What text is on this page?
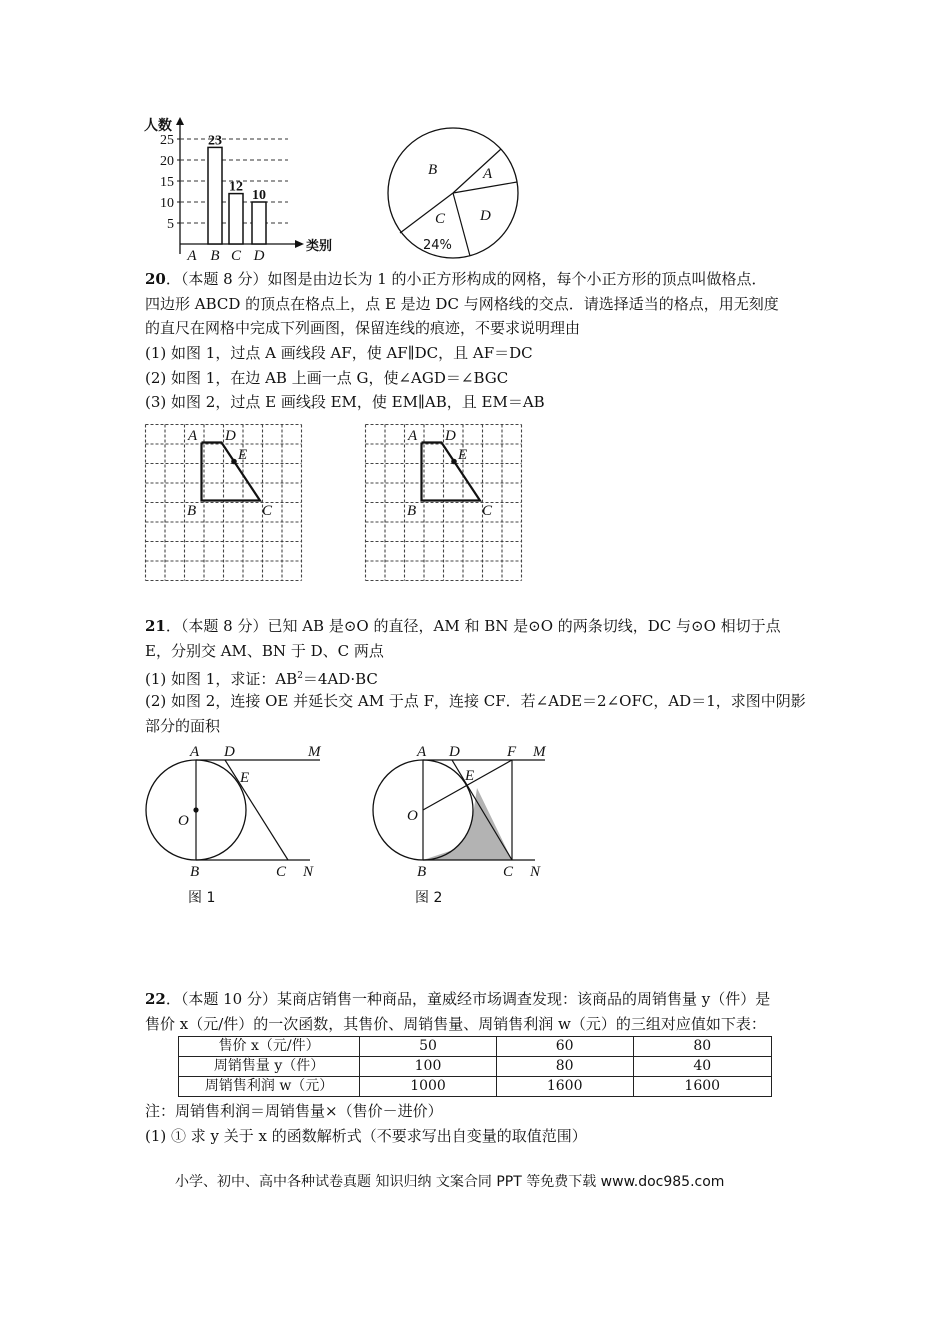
人数
类别
5
10
15
20
25 23
12
10
A B C D
B	A
D
C
24%
20．（本题 8 分）如图是由边长为 1 的小正方形构成的网格，每个小正方形的顶点叫做格点．
四边形 ABCD 的顶点在格点上，点 E 是边 DC 与网格线的交点．请选择适当的格点，用无刻度
的直尺在网格中完成下列画图，保留连线的痕迹，不要求说明理由
(1) 如图 1，过点 A 画线段 AF，使 AF∥DC，且 AF＝DC
(2) 如图 1，在边 AB 上画一点 G，使∠AGD＝∠BGC
(3) 如图 2，过点 E 画线段 EM，使 EM∥AB，且 EM＝AB
A D
E
B	C
A D
E
B	C
21．（本题 8 分）已知 AB 是⊙O 的直径，AM 和 BN 是⊙O 的两条切线，DC 与⊙O 相切于点
E，分别交 AM、BN 于 D、C 两点
(1) 如图 1，求证：$AB^2=4AD\cdot BC$
(2) 如图 2，连接 OE 并延长交 AM 于点 F，连接 CF．若∠ADE＝2∠OFC，AD＝1，求图中阴影
部分的面积
A D	M
E
O
B	C N
图 1
A D	F M
E
O
B	C N
图 2
22．（本题 10 分）某商店销售一种商品，童威经市场调查发现：该商品的周销售量 y（件）是
售价 x（元/件）的一次函数，其售价、周销售量、周销售利润 w（元）的三组对应值如下表：
售价 x（元/件）	50	60	80
周销售量 y（件）	100	80	40
周销售利润 w（元）	1000	1600	1600
注：周销售利润＝周销售量×（售价－进价）
(1) ① 求 y 关于 x 的函数解析式（不要求写出自变量的取值范围）
小学、初中、高中各种试卷真题 知识归纳 文案合同 PPT 等免费下载 www.doc985.com
